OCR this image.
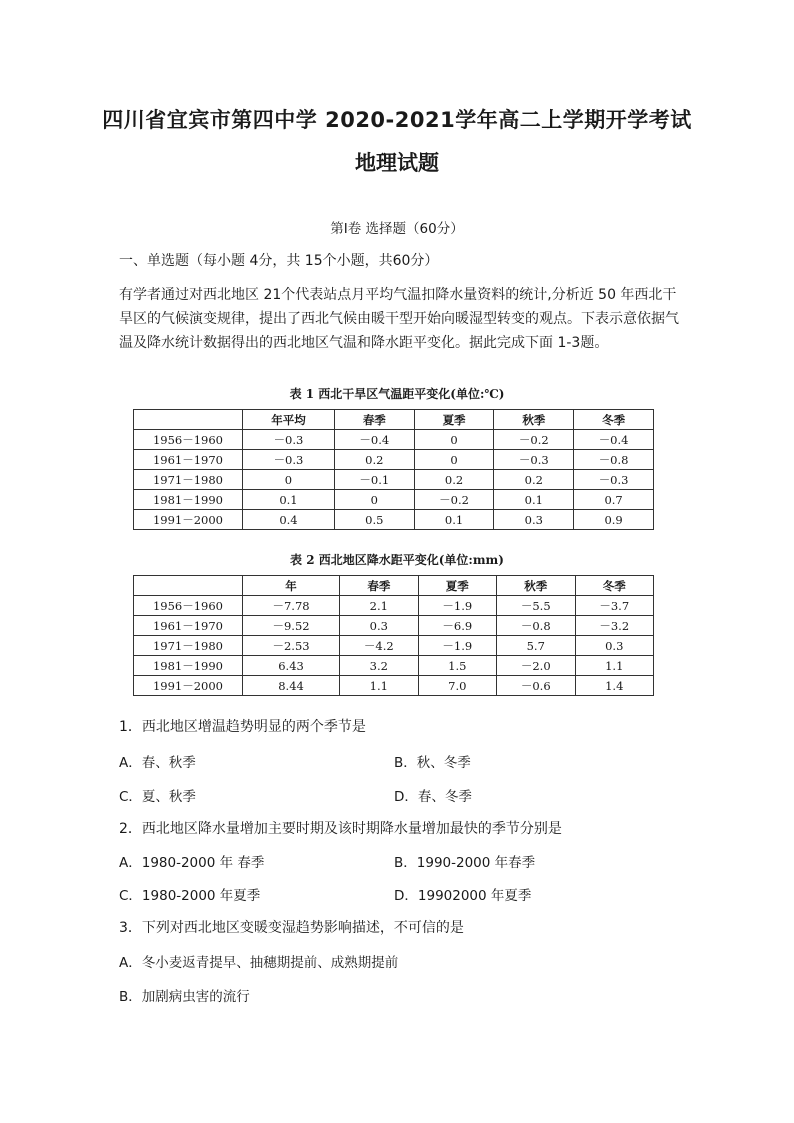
四川省宜宾市第四中学 2020-2021学年高二上学期开学考试
地理试题
第Ⅰ卷 选择题（60分）
一、单选题（每小题 4分，共 15个小题，共60分）
有学者通过对西北地区 21个代表站点月平均气温扣降水量资料的统计,分析近 50 年西北干旱区的气候演变规律，提出了西北气候由暖干型开始向暖湿型转变的观点。下表示意依据气温及降水统计数据得出的西北地区气温和降水距平变化。据此完成下面 1-3题。
表 1 西北干旱区气温距平变化(单位:℃)
	年平均	春季	夏季	秋季	冬季
1956－1960	－0.3	－0.4	0	－0.2	－0.4
1961－1970	－0.3	0.2	0	－0.3	－0.8
1971－1980	0	－0.1	0.2	0.2	－0.3
1981－1990	0.1	0	－0.2	0.1	0.7
1991－2000	0.4	0.5	0.1	0.3	0.9
表 2 西北地区降水距平变化(单位:mm)
	年	春季	夏季	秋季	冬季
1956－1960	－7.78	2.1	－1.9	－5.5	－3.7
1961－1970	－9.52	0.3	－6.9	－0.8	－3.2
1971－1980	－2.53	－4.2	－1.9	5.7	0.3
1981－1990	6.43	3.2	1.5	－2.0	1.1
1991－2000	8.44	1.1	7.0	－0.6	1.4
1．西北地区增温趋势明显的两个季节是
A．春、秋季	B．秋、冬季
C．夏、秋季	D．春、冬季
2．西北地区降水量增加主要时期及该时期降水量增加最快的季节分别是
A．1980-2000 年 春季	B．1990-2000 年春季
C．1980-2000 年夏季	D．19902000 年夏季
3．下列对西北地区变暖变湿趋势影响描述，不可信的是
A．冬小麦返青提早、抽穗期提前、成熟期提前
B．加剧病虫害的流行
